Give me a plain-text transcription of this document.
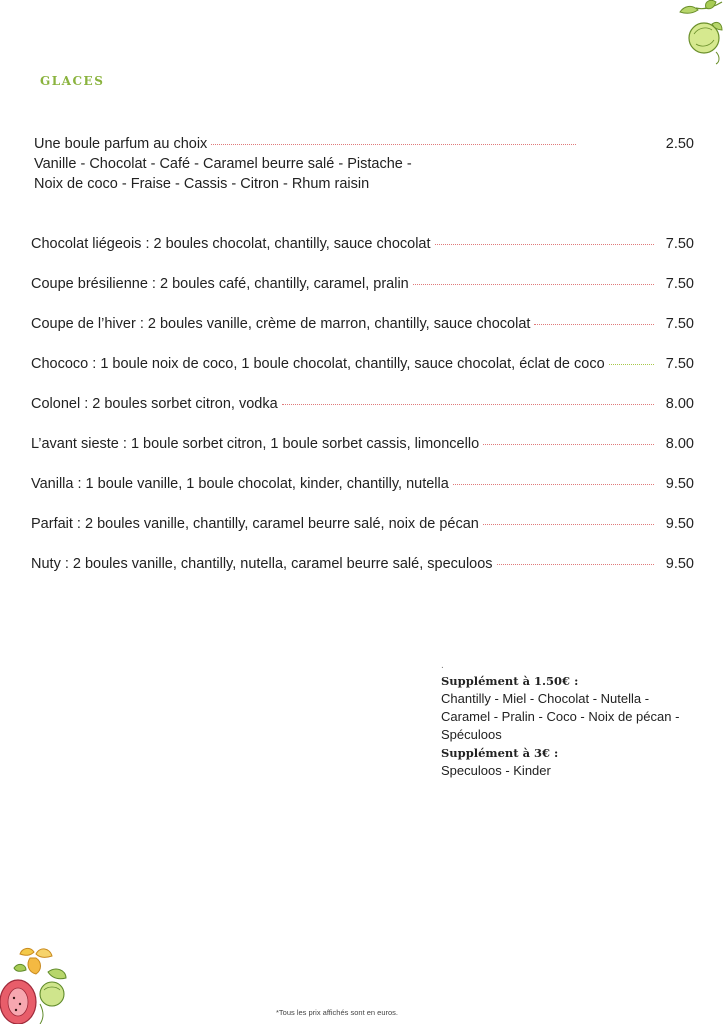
GLACES
Une boule parfum au choix	2.50
Vanille - Chocolat - Café - Caramel beurre salé - Pistache -
Noix de coco - Fraise - Cassis - Citron - Rhum raisin
Chocolat liégeois : 2 boules chocolat, chantilly, sauce chocolat	7.50
Coupe brésilienne : 2 boules café, chantilly, caramel, pralin	7.50
Coupe de l’hiver : 2 boules vanille, crème de marron, chantilly, sauce chocolat	7.50
Chococo : 1 boule noix de coco, 1 boule chocolat, chantilly, sauce chocolat, éclat de coco	7.50
Colonel : 2 boules sorbet citron, vodka	8.00
L’avant sieste : 1 boule sorbet citron, 1 boule sorbet cassis, limoncello	8.00
Vanilla : 1 boule vanille, 1 boule chocolat, kinder, chantilly, nutella	9.50
Parfait : 2 boules vanille, chantilly, caramel beurre salé, noix de pécan	9.50
Nuty : 2 boules vanille, chantilly, nutella, caramel beurre salé, speculoos	9.50
.
Supplément à 1.50€ :
Chantilly - Miel - Chocolat - Nutella -
Caramel - Pralin - Coco - Noix de pécan -
Spéculoos
Supplément à 3€ :
Speculoos - Kinder
*Tous les prix affichés sont en euros.
